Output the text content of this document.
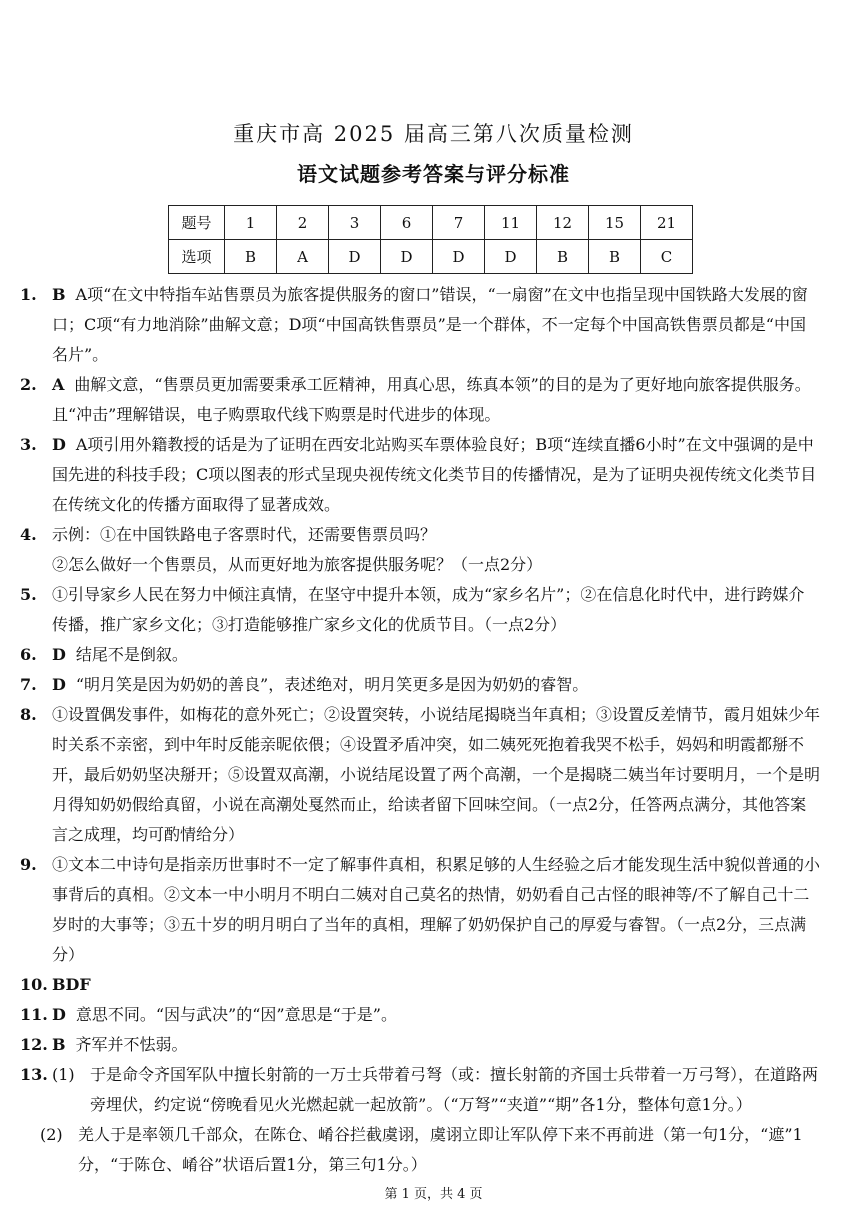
重庆市高 2025 届高三第八次质量检测
语文试题参考答案与评分标准
题号	1	2	3	6	7	11	12	15	21
选项	B	A	D	D	D	D	B	B	C
1. B A项“在文中特指车站售票员为旅客提供服务的窗口”错误，“一扇窗”在文中也指呈现中国铁路大发展的窗口；C项“有力地消除”曲解文意；D项“中国高铁售票员”是一个群体，不一定每个中国高铁售票员都是“中国名片”。
2. A 曲解文意，“售票员更加需要秉承工匠精神，用真心思，练真本领”的目的是为了更好地向旅客提供服务。且“冲击”理解错误，电子购票取代线下购票是时代进步的体现。
3. D A项引用外籍教授的话是为了证明在西安北站购买车票体验良好；B项“连续直播6小时”在文中强调的是中国先进的科技手段；C项以图表的形式呈现央视传统文化类节目的传播情况，是为了证明央视传统文化类节目在传统文化的传播方面取得了显著成效。
4. 示例：①在中国铁路电子客票时代，还需要售票员吗？
②怎么做好一个售票员，从而更好地为旅客提供服务呢？（一点2分）
5. ①引导家乡人民在努力中倾注真情，在坚守中提升本领，成为“家乡名片”；②在信息化时代中，进行跨媒介传播，推广家乡文化；③打造能够推广家乡文化的优质节目。（一点2分）
6. D 结尾不是倒叙。
7. D “明月笑是因为奶奶的善良”，表述绝对，明月笑更多是因为奶奶的睿智。
8. ①设置偶发事件，如梅花的意外死亡；②设置突转，小说结尾揭晓当年真相；③设置反差情节，霞月姐妹少年时关系不亲密，到中年时反能亲昵依偎；④设置矛盾冲突，如二姨死死抱着我哭不松手，妈妈和明霞都掰不开，最后奶奶坚决掰开；⑤设置双高潮，小说结尾设置了两个高潮，一个是揭晓二姨当年讨要明月，一个是明月得知奶奶假给真留，小说在高潮处戛然而止，给读者留下回味空间。（一点2分，任答两点满分，其他答案言之成理，均可酌情给分）
9. ①文本二中诗句是指亲历世事时不一定了解事件真相，积累足够的人生经验之后才能发现生活中貌似普通的小事背后的真相。②文本一中小明月不明白二姨对自己莫名的热情，奶奶看自己古怪的眼神等/不了解自己十二岁时的大事等；③五十岁的明月明白了当年的真相，理解了奶奶保护自己的厚爱与睿智。（一点2分，三点满分）
10. BDF
11. D 意思不同。“因与武决”的“因”意思是“于是”。
12. B 齐军并不怯弱。
13. (1) 于是命令齐国军队中擅长射箭的一万士兵带着弓弩（或：擅长射箭的齐国士兵带着一万弓弩），在道路两旁埋伏，约定说“傍晚看见火光燃起就一起放箭”。（“万弩”“夹道”“期”各1分，整体句意1分。）
(2) 羌人于是率领几千部众，在陈仓、崤谷拦截虞诩，虞诩立即让军队停下来不再前进（第一句1分，“遮”1分，“于陈仓、崤谷”状语后置1分，第三句1分。）
第 1 页，共 4 页
